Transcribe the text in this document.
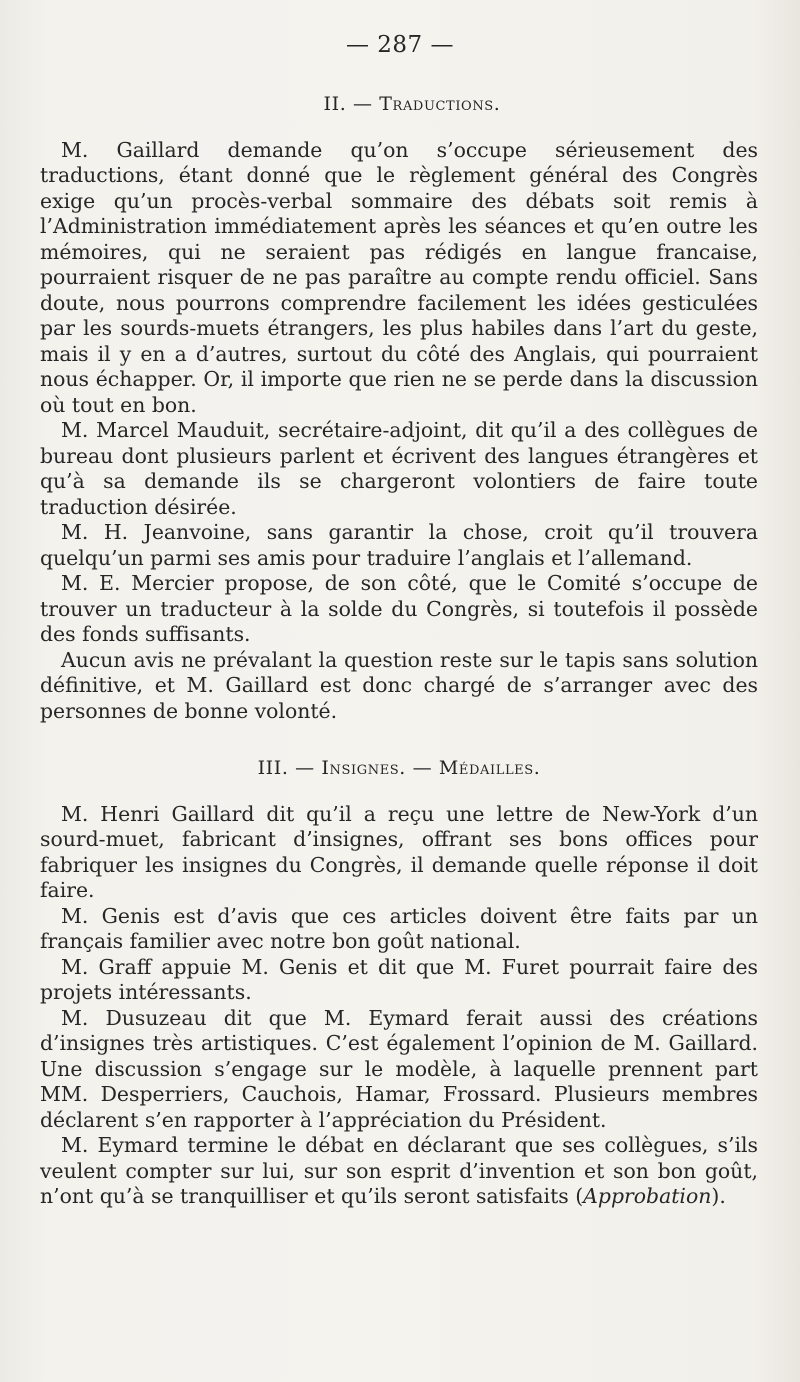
— 287 —
II. — Traductions.

M. Gaillard demande qu’on s’occupe sérieusement des traductions, étant donné que le règlement général des Congrès exige qu’un procès-verbal sommaire des débats soit remis à l’Administration immédiatement après les séances et qu’en outre les mémoires, qui ne seraient pas rédigés en langue francaise, pourraient risquer de ne pas paraître au compte rendu officiel. Sans doute, nous pourrons comprendre facilement les idées gesticulées par les sourds-muets étrangers, les plus habiles dans l’art du geste, mais il y en a d’autres, surtout du côté des Anglais, qui pourraient nous échapper. Or, il importe que rien ne se perde dans la discussion où tout en bon.

M. Marcel Mauduit, secrétaire-adjoint, dit qu’il a des collègues de bureau dont plusieurs parlent et écrivent des langues étrangères et qu’à sa demande ils se chargeront volontiers de faire toute traduction désirée.

M. H. Jeanvoine, sans garantir la chose, croit qu’il trouvera quelqu’un parmi ses amis pour traduire l’anglais et l’allemand.

M. E. Mercier propose, de son côté, que le Comité s’occupe de trouver un traducteur à la solde du Congrès, si toutefois il possède des fonds suffisants.

Aucun avis ne prévalant la question reste sur le tapis sans solution définitive, et M. Gaillard est donc chargé de s’arranger avec des personnes de bonne volonté.

III. — Insignes. — Médailles.

M. Henri Gaillard dit qu’il a reçu une lettre de New-York d’un sourd-muet, fabricant d’insignes, offrant ses bons offices pour fabriquer les insignes du Congrès, il demande quelle réponse il doit faire.

M. Genis est d’avis que ces articles doivent être faits par un français familier avec notre bon goût national.

M. Graff appuie M. Genis et dit que M. Furet pourrait faire des projets intéressants.

M. Dusuzeau dit que M. Eymard ferait aussi des créations d’insignes très artistiques. C’est également l’opinion de M. Gaillard. Une discussion s’engage sur le modèle, à laquelle prennent part MM. Desperriers, Cauchois, Hamar, Frossard. Plusieurs membres déclarent s’en rapporter à l’appréciation du Président.

M. Eymard termine le débat en déclarant que ses collègues, s’ils veulent compter sur lui, sur son esprit d’invention et son bon goût, n’ont qu’à se tranquilliser et qu’ils seront satisfaits (Approbation).
